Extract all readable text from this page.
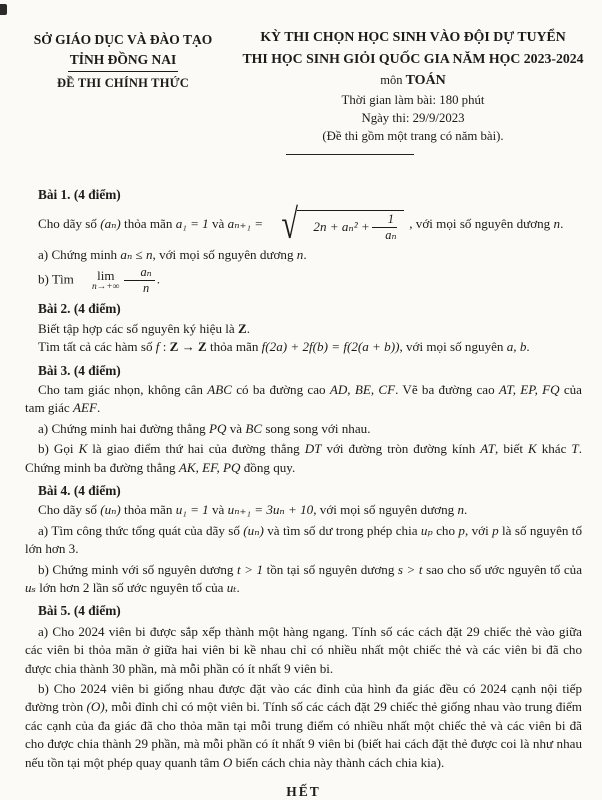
SỞ GIÁO DỤC VÀ ĐÀO TẠO
TỈNH ĐỒNG NAI
ĐỀ THI CHÍNH THỨC
KỲ THI CHỌN HỌC SINH VÀO ĐỘI DỰ TUYỂN
THI HỌC SINH GIỎI QUỐC GIA NĂM HỌC 2023-2024
môn TOÁN
Thời gian làm bài: 180 phút
Ngày thi: 29/9/2023
(Đề thi gồm một trang có năm bài).

Bài 1. (4 điểm)

Cho dãy số (aₙ) thỏa mãn a₁ = 1 và aₙ₊₁ = √	$2n + a_n^2 + \frac{1}{\text{aₙ}}$ , với mọi số nguyên dương n.

a) Chứng minh aₙ ≤ n, với mọi số nguyên dương n.

b) Tìm	lim
$n\to+\infty \frac{\text{aₙ}}{n}$ .

Bài 2. (4 điểm)

Biết tập hợp các số nguyên ký hiệu là Z.

Tìm tất cả các hàm số f : Z → Z thỏa mãn f(2a) + 2f(b) = f(2(a + b)), với mọi số nguyên a, b.

Bài 3. (4 điểm)

Cho tam giác nhọn, không cân ABC có ba đường cao AD, BE, CF. Vẽ ba đường cao AT, EP, FQ của tam giác AEF.

a) Chứng minh hai đường thẳng PQ và BC song song với nhau.

b) Gọi K là giao điểm thứ hai của đường thẳng DT với đường tròn đường kính AT, biết K khác T. Chứng minh ba đường thẳng AK, EF, PQ đồng quy.

Bài 4. (4 điểm)

Cho dãy số (uₙ) thỏa mãn u₁ = 1 và uₙ₊₁ = 3uₙ + 10, với mọi số nguyên dương n.

a) Tìm công thức tổng quát của dãy số (uₙ) và tìm số dư trong phép chia uₚ cho p, với p là số nguyên tố lớn hơn 3.

b) Chứng minh với số nguyên dương t > 1 tồn tại số nguyên dương s > t sao cho số ước nguyên tố của uₛ lớn hơn 2 lần số ước nguyên tố của uₜ.

Bài 5. (4 điểm)

a) Cho 2024 viên bi được sắp xếp thành một hàng ngang. Tính số các cách đặt 29 chiếc thẻ vào giữa các viên bi thỏa mãn ở giữa hai viên bi kề nhau chỉ có nhiều nhất một chiếc thẻ và các viên bi đã cho được chia thành 30 phần, mà mỗi phần có ít nhất 9 viên bi.

b) Cho 2024 viên bi giống nhau được đặt vào các đỉnh của hình đa giác đều có 2024 cạnh nội tiếp đường tròn (O), mỗi đỉnh chỉ có một viên bi. Tính số các cách đặt 29 chiếc thẻ giống nhau vào trung điểm các cạnh của đa giác đã cho thỏa mãn tại mỗi trung điểm có nhiều nhất một chiếc thẻ và các viên bi đã cho được chia thành 29 phần, mà mỗi phần có ít nhất 9 viên bi (biết hai cách đặt thẻ được coi là như nhau nếu tồn tại một phép quay quanh tâm O biến cách chia này thành cách chia kia).

HẾT
